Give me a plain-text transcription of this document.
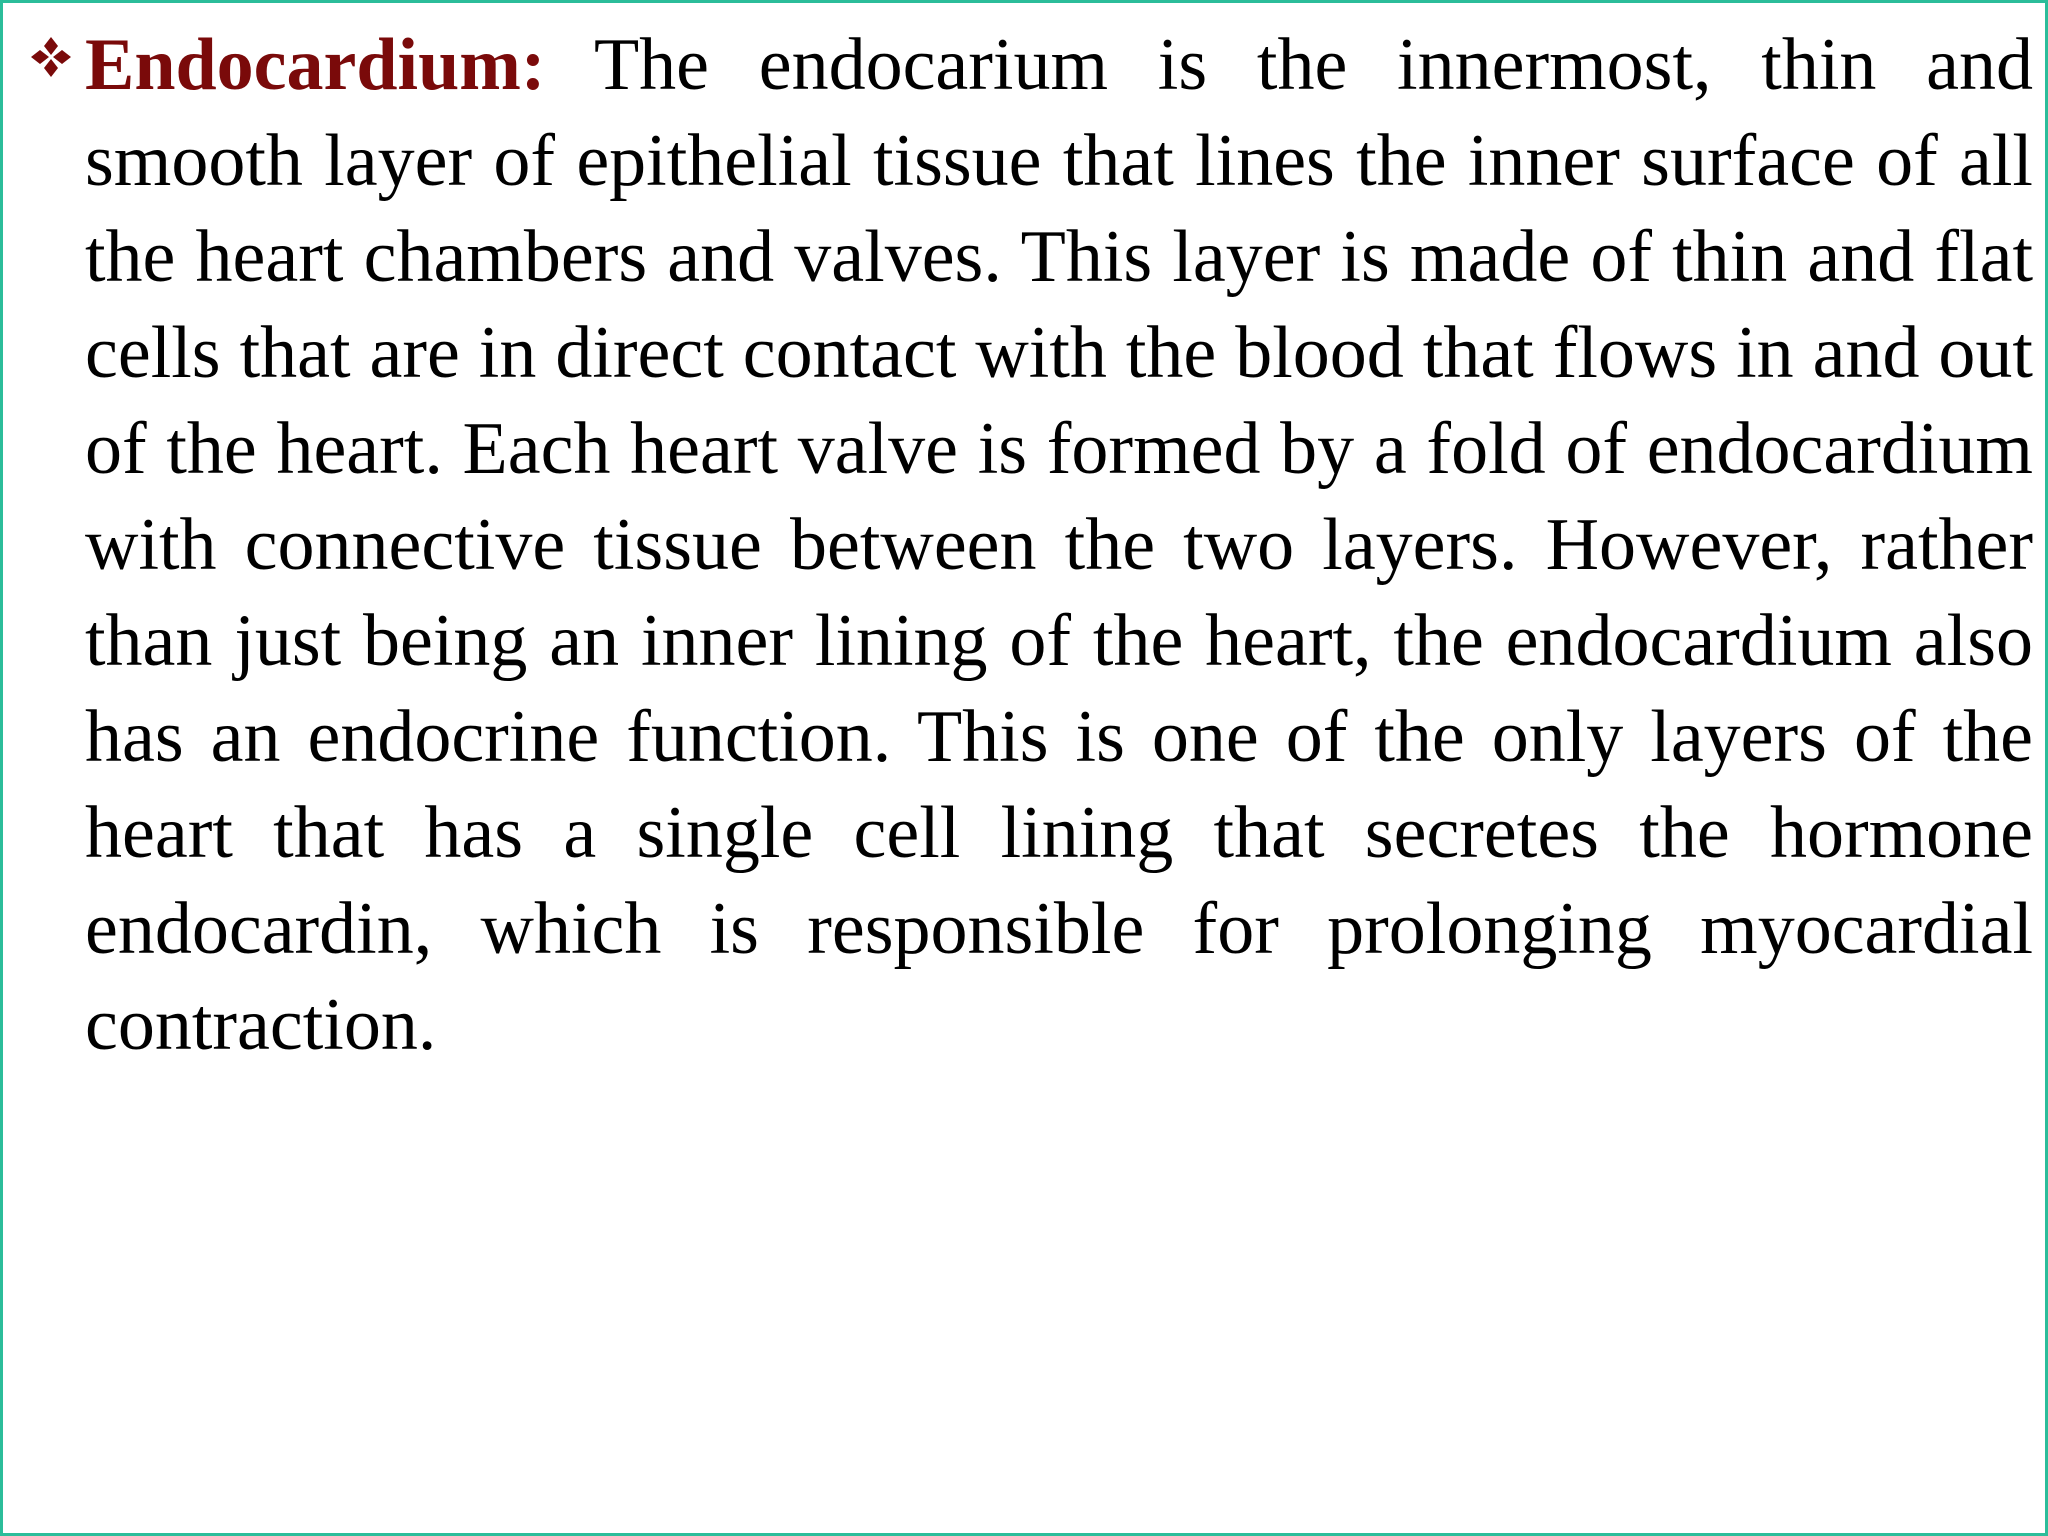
Endocardium: The endocarium is the innermost, thin and smooth layer of epithelial tissue that lines the inner surface of all the heart chambers and valves. This layer is made of thin and flat cells that are in direct contact with the blood that flows in and out of the heart. Each heart valve is formed by a fold of endocardium with connective tissue between the two layers. However, rather than just being an inner lining of the heart, the endocardium also has an endocrine function. This is one of the only layers of the heart that has a single cell lining that secretes the hormone endocardin, which is responsible for prolonging myocardial contraction.
